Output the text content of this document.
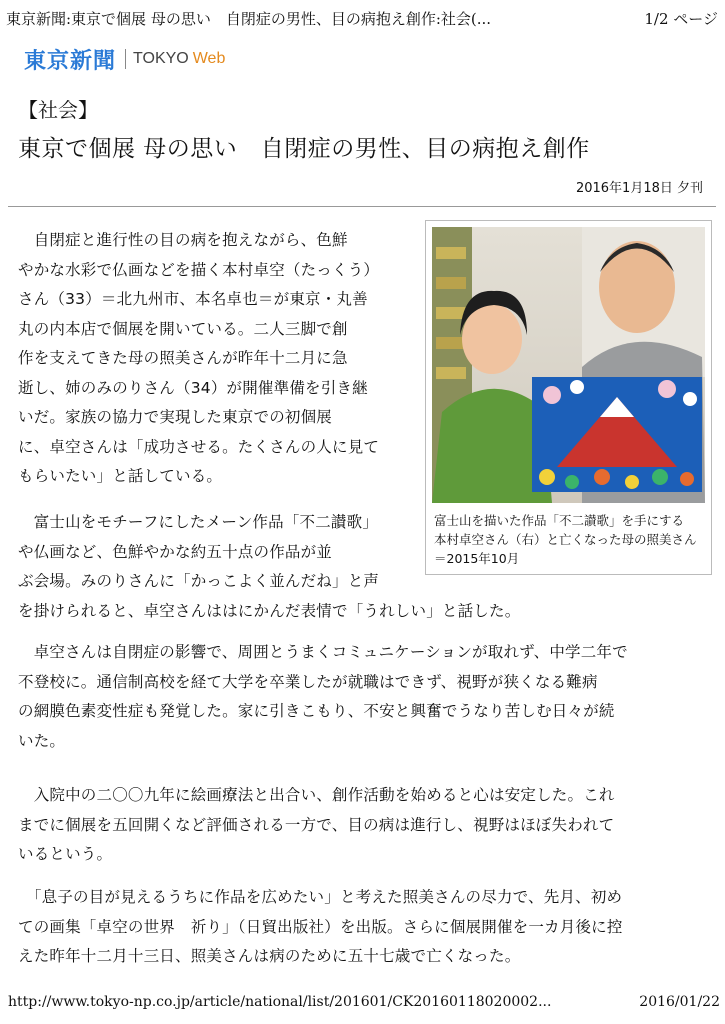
東京新聞:東京で個展 母の思い　自閉症の男性、目の病抱え創作:社会(...	1/2 ページ
東京新聞 TOKYO Web
【社会】
東京で個展 母の思い　自閉症の男性、目の病抱え創作
2016年1月18日 夕刊
富士山を描いた作品「不二讃歌」を手にする
本村卓空さん（右）と亡くなった母の照美さん
＝2015年10月
　自閉症と進行性の目の病を抱えながら、色鮮
やかな水彩で仏画などを描く本村卓空（たっくう）
さん（33）＝北九州市、本名卓也＝が東京・丸善
丸の内本店で個展を開いている。二人三脚で創
作を支えてきた母の照美さんが昨年十二月に急
逝し、姉のみのりさん（34）が開催準備を引き継
いだ。家族の協力で実現した東京での初個展
に、卓空さんは「成功させる。たくさんの人に見て
もらいたい」と話している。
　富士山をモチーフにしたメーン作品「不二讃歌」
や仏画など、色鮮やかな約五十点の作品が並
ぶ会場。みのりさんに「かっこよく並んだね」と声
を掛けられると、卓空さんははにかんだ表情で「うれしい」と話した。
　卓空さんは自閉症の影響で、周囲とうまくコミュニケーションが取れず、中学二年で
不登校に。通信制高校を経て大学を卒業したが就職はできず、視野が狭くなる難病
の網膜色素変性症も発覚した。家に引きこもり、不安と興奮でうなり苦しむ日々が続
いた。
　入院中の二〇〇九年に絵画療法と出合い、創作活動を始めると心は安定した。これ
までに個展を五回開くなど評価される一方で、目の病は進行し、視野はほぼ失われて
いるという。
　「息子の目が見えるうちに作品を広めたい」と考えた照美さんの尽力で、先月、初め
ての画集「卓空の世界　祈り」（日貿出版社）を出版。さらに個展開催を一カ月後に控
えた昨年十二月十三日、照美さんは病のために五十七歳で亡くなった。
http://www.tokyo-np.co.jp/article/national/list/201601/CK2016011802000​2...	2016/01/22
